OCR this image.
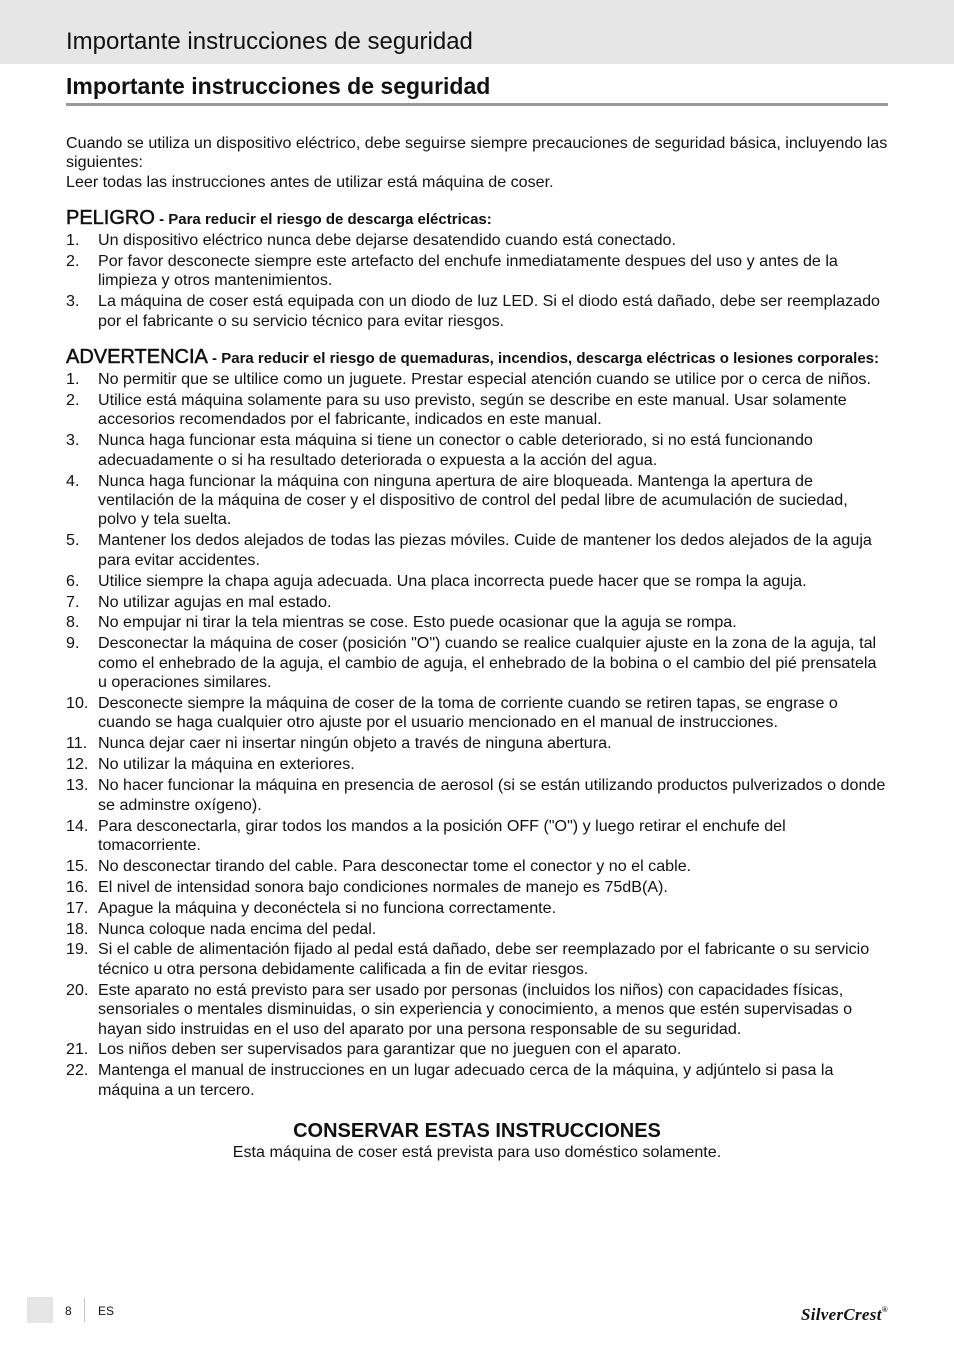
Importante instrucciones de seguridad
Importante instrucciones de seguridad

Cuando se utiliza un dispositivo eléctrico, debe seguirse siempre precauciones de seguridad básica, incluyendo las siguientes:

Leer todas las instrucciones antes de utilizar está máquina de coser.

PELIGRO - Para reducir el riesgo de descarga eléctricas:
1. Un dispositivo eléctrico nunca debe dejarse desatendido cuando está conectado.
2. Por favor desconecte siempre este artefacto del enchufe inmediatamente despues del uso y antes de la limpieza y otros mantenimientos.
3. La máquina de coser está equipada con un diodo de luz LED. Si el diodo está dañado, debe ser reemplazado por el fabricante o su servicio técnico para evitar riesgos.
ADVERTENCIA - Para reducir el riesgo de quemaduras, incendios, descarga eléctricas o lesiones corporales:
1. No permitir que se ultilice como un juguete. Prestar especial atención cuando se utilice por o cerca de niños.
2. Utilice está máquina solamente para su uso previsto, según se describe en este manual. Usar solamente accesorios recomendados por el fabricante, indicados en este manual.
3. Nunca haga funcionar esta máquina si tiene un conector o cable deteriorado, si no está funcionando adecuadamente o si ha resultado deteriorada o expuesta a la acción del agua.
4. Nunca haga funcionar la máquina con ninguna apertura de aire bloqueada. Mantenga la apertura de ventilación de la máquina de coser y el dispositivo de control del pedal libre de acumulación de suciedad, polvo y tela suelta.
5. Mantener los dedos alejados de todas las piezas móviles. Cuide de mantener los dedos alejados de la aguja para evitar accidentes.
6. Utilice siempre la chapa aguja adecuada. Una placa incorrecta puede hacer que se rompa la aguja.
7. No utilizar agujas en mal estado.
8. No empujar ni tirar la tela mientras se cose. Esto puede ocasionar que la aguja se rompa.
9. Desconectar la máquina de coser (posición "O") cuando se realice cualquier ajuste en la zona de la aguja, tal como el enhebrado de la aguja, el cambio de aguja, el enhebrado de la bobina o el cambio del pié prensatela u operaciones similares.
10. Desconecte siempre la máquina de coser de la toma de corriente cuando se retiren tapas, se engrase o cuando se haga cualquier otro ajuste por el usuario mencionado en el manual de instrucciones.
11. Nunca dejar caer ni insertar ningún objeto a través de ninguna abertura.
12. No utilizar la máquina en exteriores.
13. No hacer funcionar la máquina en presencia de aerosol (si se están utilizando productos pulverizados o donde se adminstre oxígeno).
14. Para desconectarla, girar todos los mandos a la posición OFF ("O") y luego retirar el enchufe del tomacorriente.
15. No desconectar tirando del cable. Para desconectar tome el conector y no el cable.
16. El nivel de intensidad sonora bajo condiciones normales de manejo es 75dB(A).
17. Apague la máquina y deconéctela si no funciona correctamente.
18. Nunca coloque nada encima del pedal.
19. Si el cable de alimentación fijado al pedal está dañado, debe ser reemplazado por el fabricante o su servicio técnico u otra persona debidamente calificada a fin de evitar riesgos.
20. Este aparato no está previsto para ser usado por personas (incluidos los niños) con capacidades físicas, sensoriales o mentales disminuidas, o sin experiencia y conocimiento, a menos que estén supervisadas o hayan sido instruidas en el uso del aparato por una persona responsable de su seguridad.
21. Los niños deben ser supervisados para garantizar que no jueguen con el aparato.
22. Mantenga el manual de instrucciones en un lugar adecuado cerca de la máquina, y adjúntelo si pasa la máquina a un tercero.
CONSERVAR ESTAS INSTRUCCIONES
Esta máquina de coser está prevista para uso doméstico solamente.
8 ES	SilverCrest®
